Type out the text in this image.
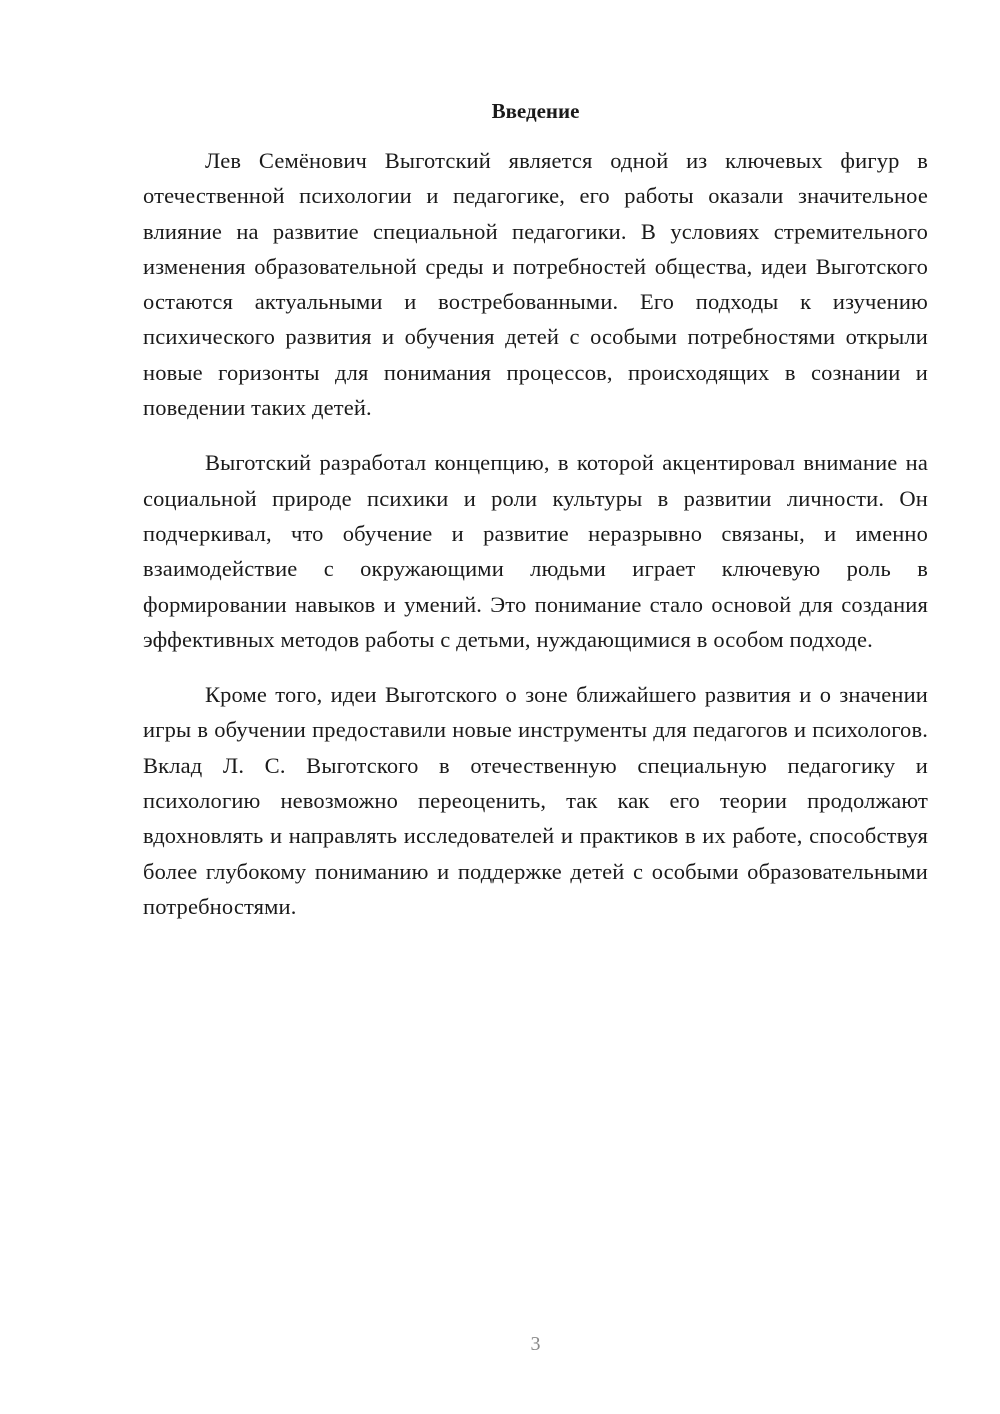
Введение

Лев Семёнович Выготский является одной из ключевых фигур в отечественной психологии и педагогике, его работы оказали значительное влияние на развитие специальной педагогики. В условиях стремительного изменения образовательной среды и потребностей общества, идеи Выготского остаются актуальными и востребованными. Его подходы к изучению психического развития и обучения детей с особыми потребностями открыли новые горизонты для понимания процессов, происходящих в сознании и поведении таких детей.

Выготский разработал концепцию, в которой акцентировал внимание на социальной природе психики и роли культуры в развитии личности. Он подчеркивал, что обучение и развитие неразрывно связаны, и именно взаимодействие с окружающими людьми играет ключевую роль в формировании навыков и умений. Это понимание стало основой для создания эффективных методов работы с детьми, нуждающимися в особом подходе.

Кроме того, идеи Выготского о зоне ближайшего развития и о значении игры в обучении предоставили новые инструменты для педагогов и психологов. Вклад Л. С. Выготского в отечественную специальную педагогику и психологию невозможно переоценить, так как его теории продолжают вдохновлять и направлять исследователей и практиков в их работе, способствуя более глубокому пониманию и поддержке детей с особыми образовательными потребностями.

3
